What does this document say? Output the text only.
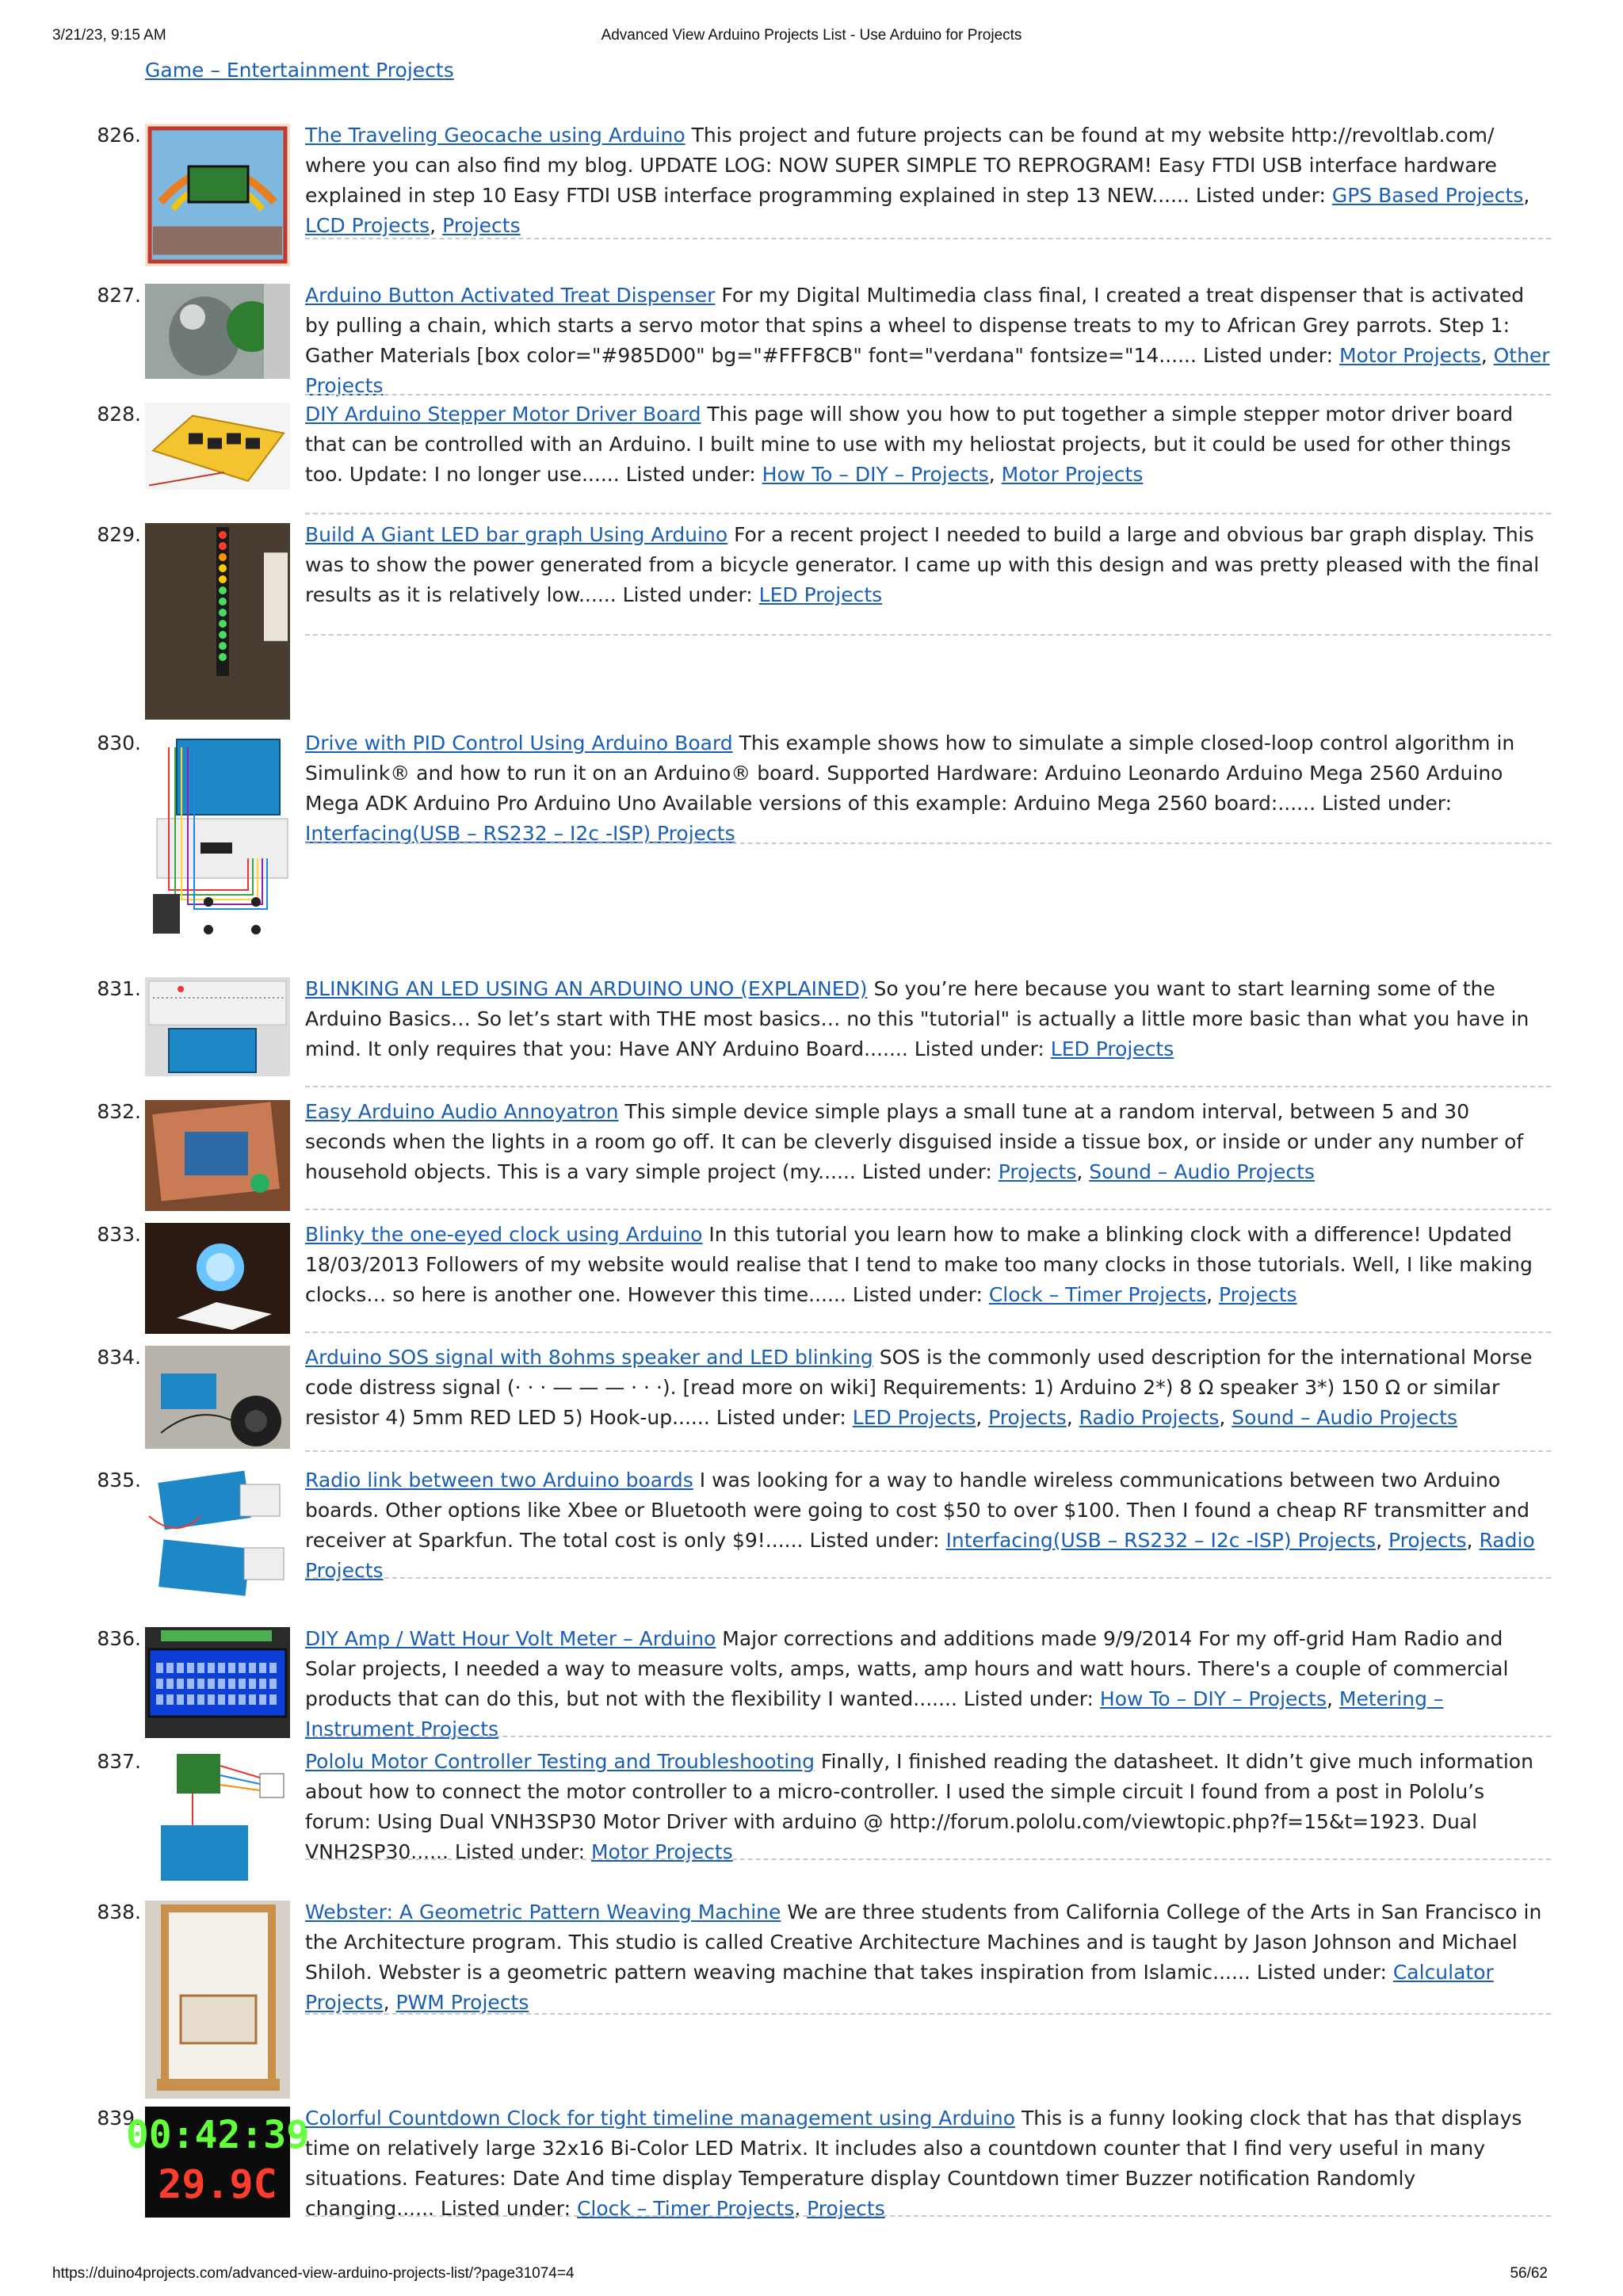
3/21/23, 9:15 AM	Advanced View Arduino Projects List - Use Arduino for Projects
Game – Entertainment Projects
826.	The Traveling Geocache using Arduino This project and future projects can be found at my website http://revoltlab.com/ where you can also find my blog. UPDATE LOG: NOW SUPER SIMPLE TO REPROGRAM! Easy FTDI USB interface hardware explained in step 10 Easy FTDI USB interface programming explained in step 13 NEW...... Listed under: GPS Based Projects, LCD Projects, Projects
827.	Arduino Button Activated Treat Dispenser For my Digital Multimedia class final, I created a treat dispenser that is activated by pulling a chain, which starts a servo motor that spins a wheel to dispense treats to my to African Grey parrots. Step 1: Gather Materials [box color="#985D00" bg="#FFF8CB" font="verdana" fontsize="14...... Listed under: Motor Projects, Other Projects
828.	DIY Arduino Stepper Motor Driver Board This page will show you how to put together a simple stepper motor driver board that can be controlled with an Arduino. I built mine to use with my heliostat projects, but it could be used for other things too. Update: I no longer use...... Listed under: How To – DIY – Projects, Motor Projects
829.	Build A Giant LED bar graph Using Arduino For a recent project I needed to build a large and obvious bar graph display. This was to show the power generated from a bicycle generator. I came up with this design and was pretty pleased with the final results as it is relatively low...... Listed under: LED Projects
830.	Drive with PID Control Using Arduino Board This example shows how to simulate a simple closed-loop control algorithm in Simulink® and how to run it on an Arduino® board. Supported Hardware: Arduino Leonardo Arduino Mega 2560 Arduino Mega ADK Arduino Pro Arduino Uno Available versions of this example: Arduino Mega 2560 board:...... Listed under: Interfacing(USB – RS232 – I2c -ISP) Projects
831.	BLINKING AN LED USING AN ARDUINO UNO (EXPLAINED) So you’re here because you want to start learning some of the Arduino Basics… So let’s start with THE most basics… no this "tutorial" is actually a little more basic than what you have in mind. It only requires that you: Have ANY Arduino Board....... Listed under: LED Projects
832.	Easy Arduino Audio Annoyatron This simple device simple plays a small tune at a random interval, between 5 and 30 seconds when the lights in a room go off. It can be cleverly disguised inside a tissue box, or inside or under any number of household objects. This is a vary simple project (my...... Listed under: Projects, Sound – Audio Projects
833.	Blinky the one-eyed clock using Arduino In this tutorial you learn how to make a blinking clock with a difference! Updated 18/03/2013 Followers of my website would realise that I tend to make too many clocks in those tutorials. Well, I like making clocks… so here is another one. However this time...... Listed under: Clock – Timer Projects, Projects
834.	Arduino SOS signal with 8ohms speaker and LED blinking SOS is the commonly used description for the international Morse code distress signal (· · · — — — · · ·). [read more on wiki] Requirements: 1) Arduino 2*) 8 Ω speaker 3*) 150 Ω or similar resistor 4) 5mm RED LED 5) Hook-up...... Listed under: LED Projects, Projects, Radio Projects, Sound – Audio Projects
835.	Radio link between two Arduino boards I was looking for a way to handle wireless communications between two Arduino boards. Other options like Xbee or Bluetooth were going to cost $50 to over $100. Then I found a cheap RF transmitter and receiver at Sparkfun. The total cost is only $9!...... Listed under: Interfacing(USB – RS232 – I2c -ISP) Projects, Projects, Radio Projects
836.	DIY Amp / Watt Hour Volt Meter – Arduino Major corrections and additions made 9/9/2014 For my off-grid Ham Radio and Solar projects, I needed a way to measure volts, amps, watts, amp hours and watt hours. There's a couple of commercial products that can do this, but not with the flexibility I wanted....... Listed under: How To – DIY – Projects, Metering – Instrument Projects
837.	Pololu Motor Controller Testing and Troubleshooting Finally, I finished reading the datasheet. It didn’t give much information about how to connect the motor controller to a micro-controller. I used the simple circuit I found from a post in Pololu’s forum: Using Dual VNH3SP30 Motor Driver with arduino @ http://forum.pololu.com/viewtopic.php?f=15&t=1923. Dual VNH2SP30...... Listed under: Motor Projects
838.	Webster: A Geometric Pattern Weaving Machine We are three students from California College of the Arts in San Francisco in the Architecture program. This studio is called Creative Architecture Machines and is taught by Jason Johnson and Michael Shiloh. Webster is a geometric pattern weaving machine that takes inspiration from Islamic...... Listed under: Calculator Projects, PWM Projects
839.
00:42:39
29.9C
Colorful Countdown Clock for tight timeline management using Arduino This is a funny looking clock that has that displays time on relatively large 32x16 Bi-Color LED Matrix. It includes also a countdown counter that I find very useful in many situations. Features: Date And time display Temperature display Countdown timer Buzzer notification Randomly changing...... Listed under: Clock – Timer Projects, Projects
https://duino4projects.com/advanced-view-arduino-projects-list/?page31074=4	56/62
